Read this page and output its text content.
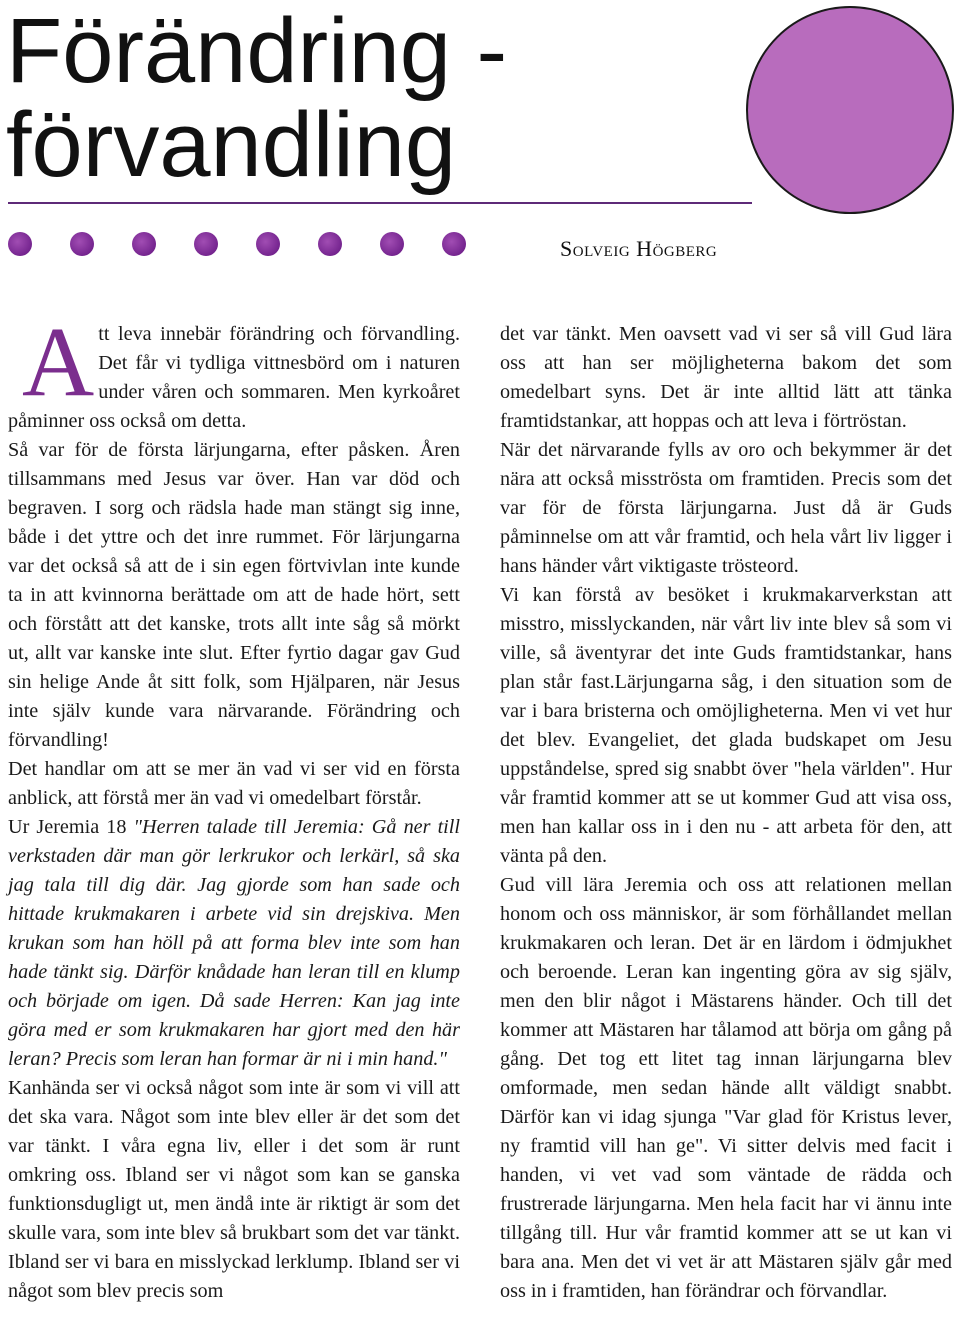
Förändring -
förvandling
Solveig Högberg

Att leva innebär förändring och förvandling. Det får vi tydliga vittnesbörd om i naturen under våren och sommaren. Men kyrkoåret påminner oss också om detta.

Så var för de första lärjungarna, efter påsken. Åren tillsammans med Jesus var över. Han var död och begraven. I sorg och rädsla hade man stängt sig inne, både i det yttre och det inre rummet. För lärjungarna var det också så att de i sin egen förtvivlan inte kunde ta in att kvinnorna berättade om att de hade hört, sett och förstått att det kanske, trots allt inte såg så mörkt ut, allt var kanske inte slut. Efter fyrtio dagar gav Gud sin helige Ande åt sitt folk, som Hjälparen, när Jesus inte själv kunde vara närvarande. Förändring och förvandling!

Det handlar om att se mer än vad vi ser vid en första anblick, att förstå mer än vad vi omedelbart förstår.

Ur Jeremia 18 "Herren talade till Jeremia: Gå ner till verkstaden där man gör lerkrukor och lerkärl, så ska jag tala till dig där. Jag gjorde som han sade och hittade krukmakaren i arbete vid sin drejskiva. Men krukan som han höll på att forma blev inte som han hade tänkt sig. Därför knådade han leran till en klump och började om igen. Då sade Herren: Kan jag inte göra med er som krukmakaren har gjort med den här leran? Precis som leran han formar är ni i min hand."

Kanhända ser vi också något som inte är som vi vill att det ska vara. Något som inte blev eller är det som det var tänkt. I våra egna liv, eller i det som är runt omkring oss. Ibland ser vi något som kan se ganska funktionsdugligt ut, men ändå inte är riktigt är som det skulle vara, som inte blev så brukbart som det var tänkt. Ibland ser vi bara en misslyckad lerklump. Ibland ser vi något som blev precis som

det var tänkt. Men oavsett vad vi ser så vill Gud lära oss att han ser möjligheterna bakom det som omedelbart syns. Det är inte alltid lätt att tänka framtidstankar, att hoppas och att leva i förtröstan.

När det närvarande fylls av oro och bekymmer är det nära att också misströsta om framtiden. Precis som det var för de första lärjungarna. Just då är Guds påminnelse om att vår framtid, och hela vårt liv ligger i hans händer vårt viktigaste tröstеord.

Vi kan förstå av besöket i krukmakarverkstan att misstro, misslyckanden, när vårt liv inte blev så som vi ville, så äventyrar det inte Guds framtidstankar, hans plan står fast.Lärjungarna såg, i den situation som de var i bara bristerna och omöjligheterna. Men vi vet hur det blev. Evangeliet, det glada budskapet om Jesu uppståndelse, spred sig snabbt över "hela världen". Hur vår framtid kommer att se ut kommer Gud att visa oss, men han kallar oss in i den nu - att arbeta för den, att vänta på den.

Gud vill lära Jeremia och oss att relationen mellan honom och oss människor, är som förhållandet mellan krukmakaren och leran. Det är en lärdom i ödmjukhet och beroende. Leran kan ingenting göra av sig själv, men den blir något i Mästarens händer. Och till det kommer att Mästaren har tålamod att börja om gång på gång. Det tog ett litet tag innan lärjungarna blev omformade, men sedan hände allt väldigt snabbt. Därför kan vi idag sjunga "Var glad för Kristus lever, ny framtid vill han ge". Vi sitter delvis med facit i handen, vi vet vad som väntade de rädda och frustrerade lärjungarna. Men hela facit har vi ännu inte tillgång till. Hur vår framtid kommer att se ut kan vi bara ana. Men det vi vet är att Mästaren själv går med oss in i framtiden, han förändrar och förvandlar.
